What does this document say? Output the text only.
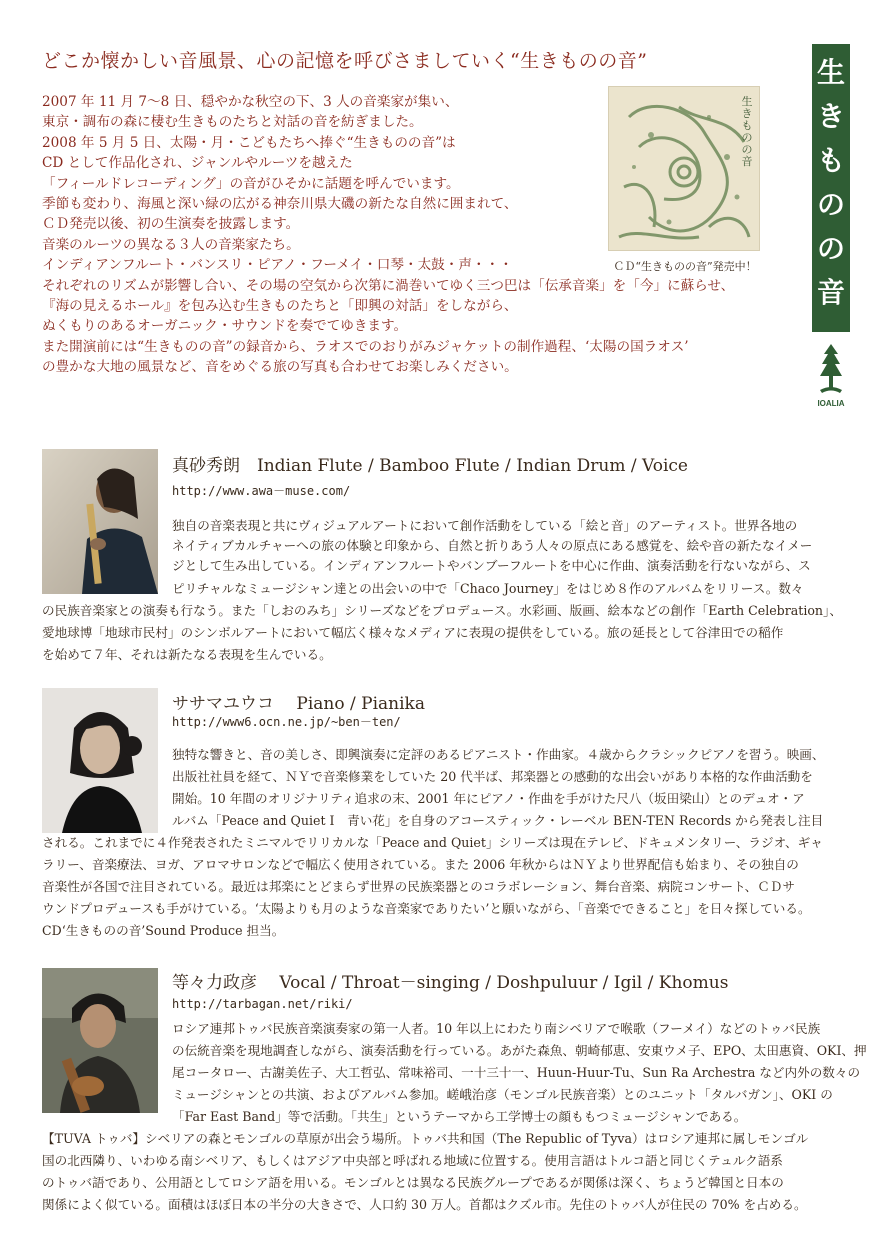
どこか懐かしい音風景、心の記憶を呼びさましていく“生きものの音”

2007 年 11 月 7〜8 日、穏やかな秋空の下、3 人の音楽家が集い、

東京・調布の森に棲む生きものたちと対話の音を紡ぎました。

2008 年 5 月 5 日、太陽・月・こどもたちへ捧ぐ“生きものの音”は

CD として作品化され、ジャンルやルーツを越えた

「フィールドレコーディング」の音がひそかに話題を呼んでいます。

季節も変わり、海風と深い緑の広がる神奈川県大磯の新たな自然に囲まれて、

ＣＤ発売以後、初の生演奏を披露します。

音楽のルーツの異なる３人の音楽家たち。

インディアンフルート・バンスリ・ピアノ・フーメイ・口琴・太鼓・声・・・

それぞれのリズムが影響し合い、その場の空気から次第に渦巻いてゆく三つ巴は「伝承音楽」を「今」に蘇らせ、

『海の見えるホール』を包み込む生きものたちと「即興の対話」をしながら、

ぬくもりのあるオーガニック・サウンドを奏でてゆきます。

また開演前には“生きものの音”の録音から、ラオスでのおりがみジャケットの制作過程、‘太陽の国ラオス’

の豊かな大地の風景など、音をめぐる旅の写真も合わせてお楽しみください。

生
き
も
の
の
音
ＣＤ“生きものの音”発売中！
生
き
も
の
の
音
IOALIA
真砂秀朗　Indian Flute / Bamboo Flute / Indian Drum / Voice
http://www.awa－muse.com/
独自の音楽表現と共にヴィジュアルアートにおいて創作活動をしている「絵と音」のアーティスト。世界各地の
ネイティブカルチャーへの旅の体験と印象から、自然と折りあう人々の原点にある感覚を、絵や音の新たなイメー
ジとして生み出している。インディアンフルートやバンブーフルートを中心に作曲、演奏活動を行ないながら、ス
ピリチャルなミュージシャン達との出会いの中で「Chaco Journey」をはじめ８作のアルバムをリリース。数々
の民族音楽家との演奏も行なう。また「しおのみち」シリーズなどをプロデュース。水彩画、版画、絵本などの創作「Earth Celebration」、
愛地球博「地球市民村」のシンボルアートにおいて幅広く様々なメディアに表現の提供をしている。旅の延長として谷津田での稲作
を始めて７年、それは新たなる表現を生んでいる。
ササマユウコ　 Piano / Pianika
http://www6.ocn.ne.jp/~ben－ten/
独特な響きと、音の美しさ、即興演奏に定評のあるピアニスト・作曲家。４歳からクラシックピアノを習う。映画、
出版社社員を経て、ＮＹで音楽修業をしていた 20 代半ば、邦楽器との感動的な出会いがあり本格的な作曲活動を
開始。10 年間のオリジナリティ追求の末、2001 年にピアノ・作曲を手がけた尺八（坂田梁山）とのデュオ・ア
ルバム「Peace and Quiet I　青い花」を自身のアコースティック・レーベル BEN-TEN Records から発表し注目
される。これまでに４作発表されたミニマルでリリカルな「Peace and Quiet」シリーズは現在テレビ、ドキュメンタリー、ラジオ、ギャ
ラリー、音楽療法、ヨガ、アロマサロンなどで幅広く使用されている。また 2006 年秋からはＮＹより世界配信も始まり、その独自の
音楽性が各国で注目されている。最近は邦楽にとどまらず世界の民族楽器とのコラボレーション、舞台音楽、病院コンサート、ＣＤサ
ウンドプロデュースも手がけている。‘太陽よりも月のような音楽家でありたい’と願いながら、「音楽でできること」を日々探している。
CD‘生きものの音’Sound Produce 担当。
等々力政彦　 Vocal / Throat－singing / Doshpuluur / Igil / Khomus
http://tarbagan.net/riki/
ロシア連邦トゥバ民族音楽演奏家の第一人者。10 年以上にわたり南シベリアで喉歌（フーメイ）などのトゥバ民族
の伝統音楽を現地調査しながら、演奏活動を行っている。あがた森魚、朝崎郁恵、安東ウメ子、EPO、太田惠資、OKI、押
尾コータロー、古謝美佐子、大工哲弘、常味裕司、一十三十一、Huun-Huur-Tu、Sun Ra Archestra など内外の数々の
ミュージシャンとの共演、およびアルバム参加。嵯峨治彦（モンゴル民族音楽）とのユニット「タルバガン」、OKI の
「Far East Band」等で活動。「共生」というテーマから工学博士の顔ももつミュージシャンである。
【TUVA トゥバ】シベリアの森とモンゴルの草原が出会う場所。トゥバ共和国（The Republic of Tyva）はロシア連邦に属しモンゴル
国の北西隣り、いわゆる南シベリア、もしくはアジア中央部と呼ばれる地域に位置する。使用言語はトルコ語と同じくテュルク語系
のトゥバ語であり、公用語としてロシア語を用いる。モンゴルとは異なる民族グループであるが関係は深く、ちょうど韓国と日本の
関係によく似ている。面積はほぼ日本の半分の大きさで、人口約 30 万人。首都はクズル市。先住のトゥバ人が住民の 70% を占める。
